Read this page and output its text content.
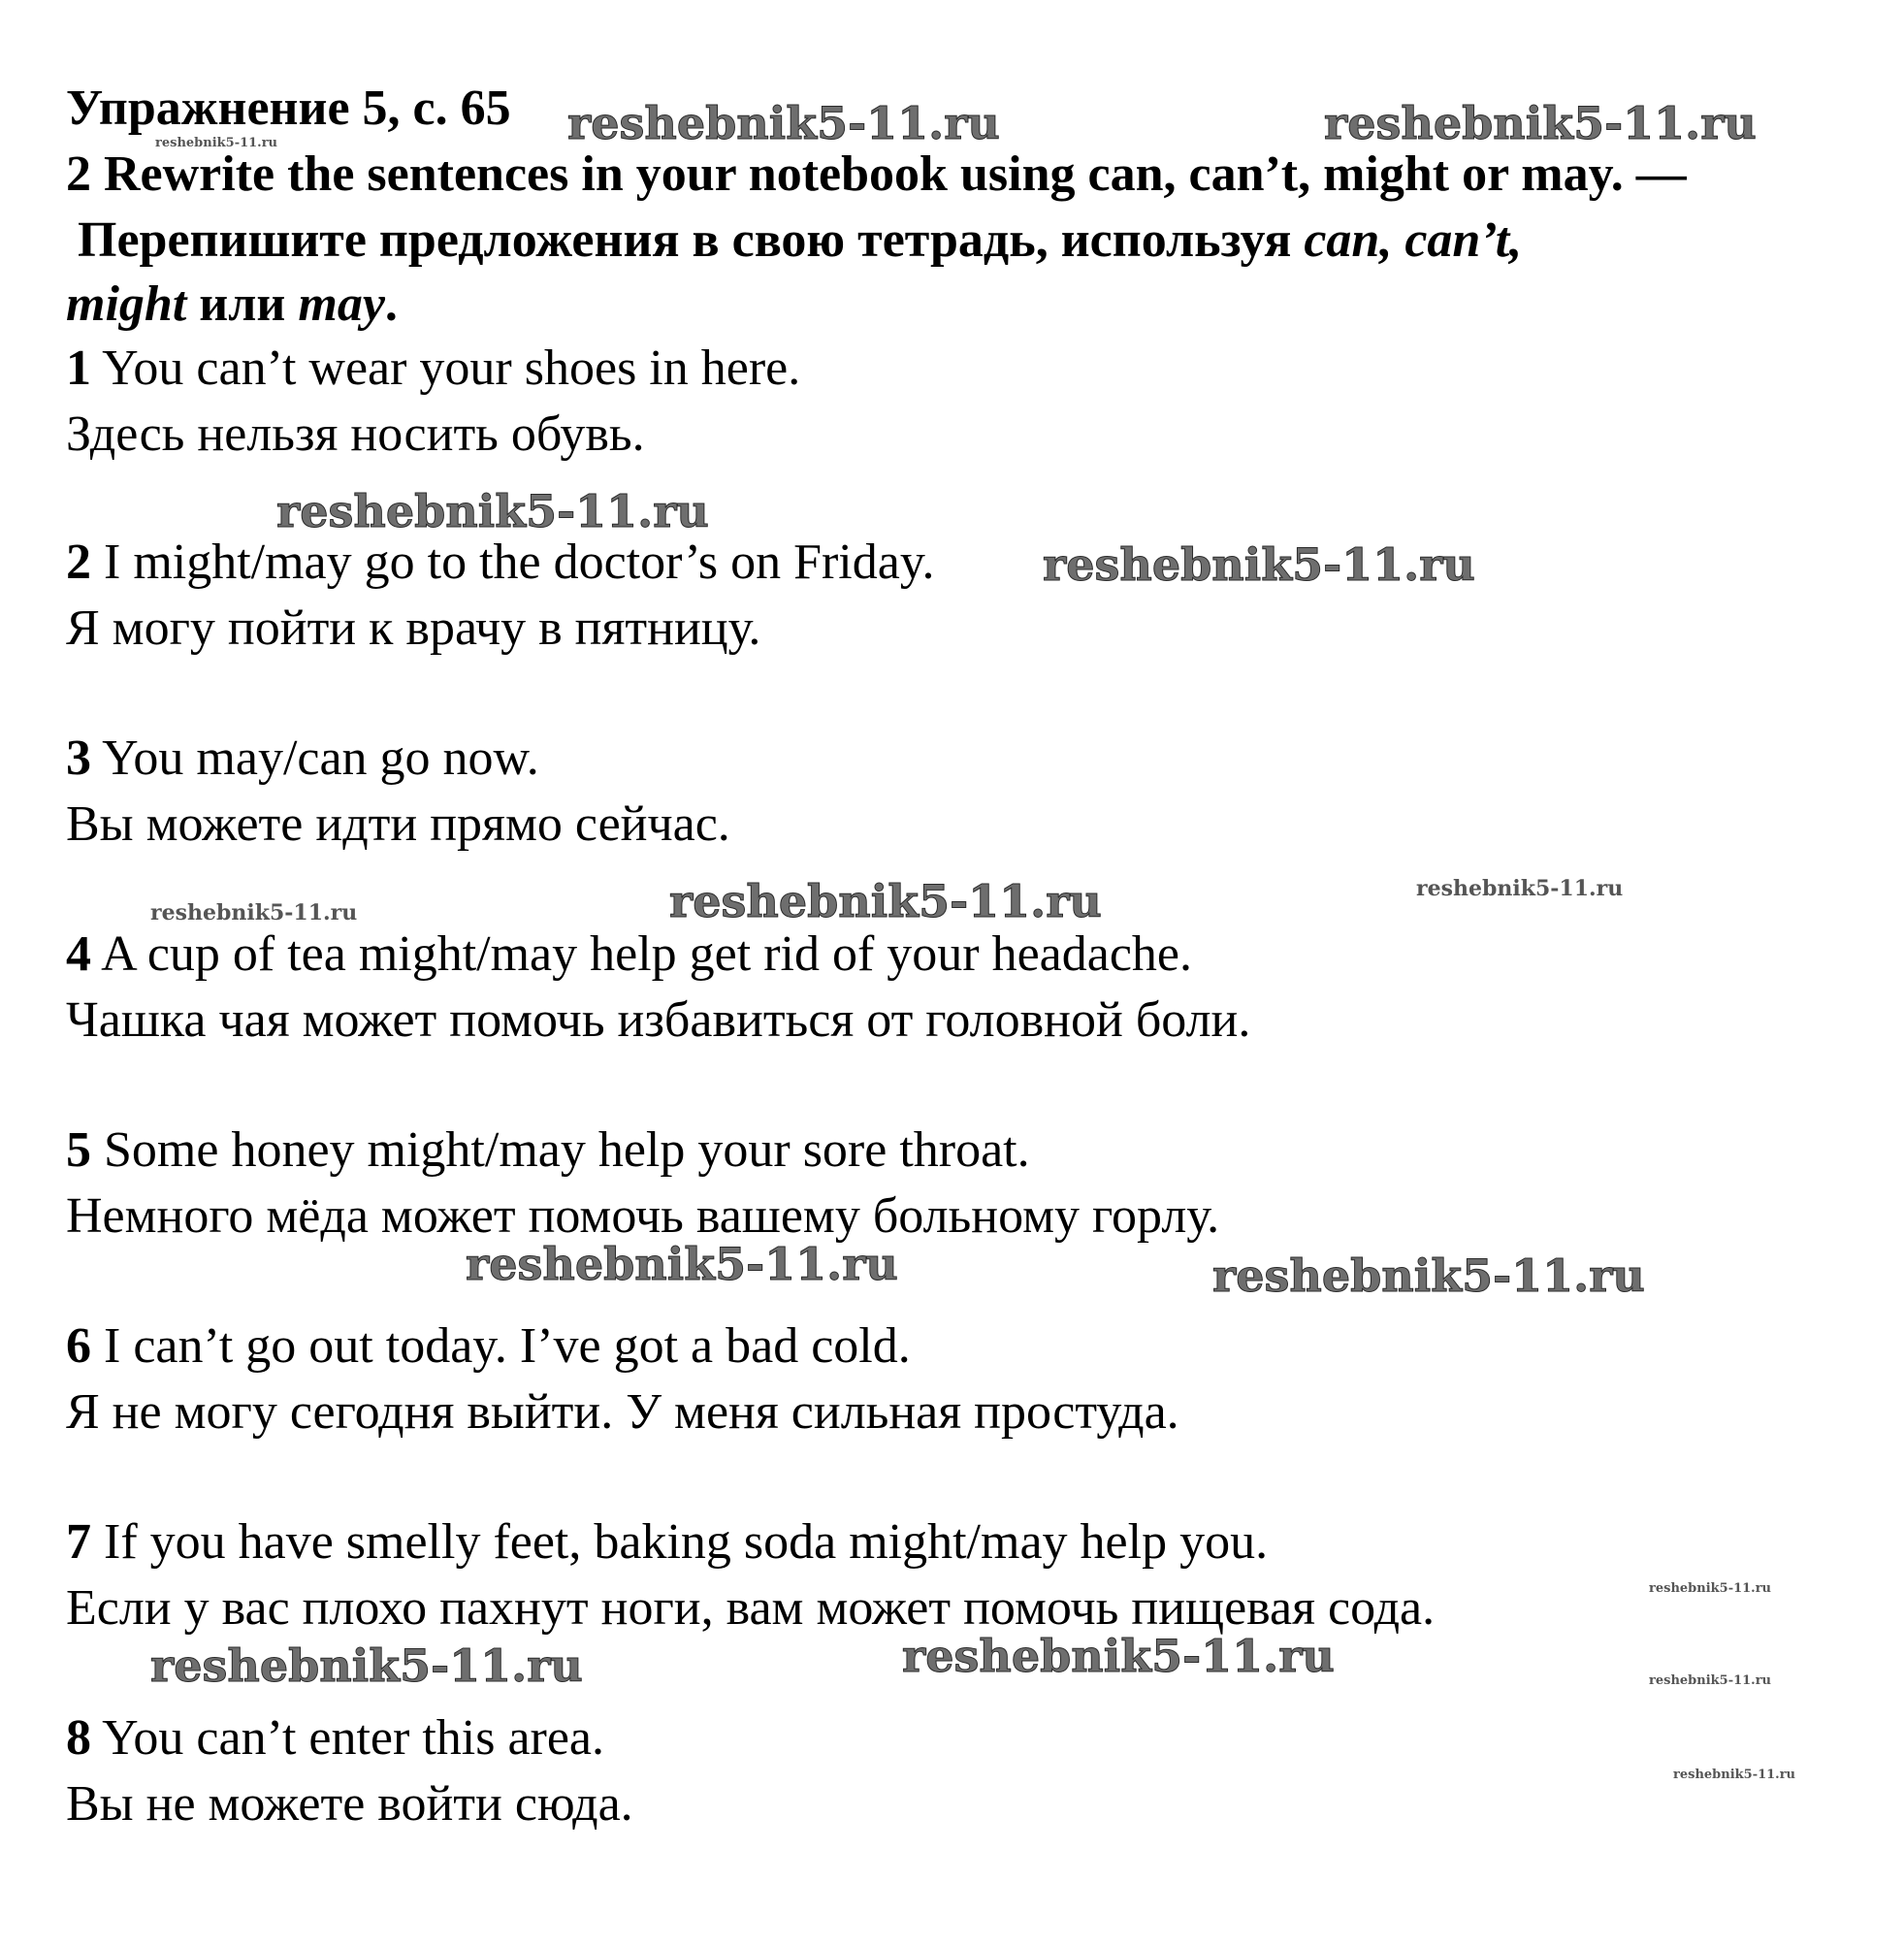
Упражнение 5, с. 65
2 Rewrite the sentences in your notebook using can, can’t, might or may. —
Перепишите предложения в свою тетрадь, используя can, can’t,
might или may.
1 You can’t wear your shoes in here.
Здесь нельзя носить обувь.
2 I might/may go to the doctor’s on Friday.
Я могу пойти к врачу в пятницу.
3 You may/can go now.
Вы можете идти прямо сейчас.
4 A cup of tea might/may help get rid of your headache.
Чашка чая может помочь избавиться от головной боли.
5 Some honey might/may help your sore throat.
Немного мёда может помочь вашему больному горлу.
6 I can’t go out today. I’ve got a bad cold.
Я не могу сегодня выйти. У меня сильная простуда.
7 If you have smelly feet, baking soda might/may help you.
Если у вас плохо пахнут ноги, вам может помочь пищевая сода.
8 You can’t enter this area.
Вы не можете войти сюда.
reshebnik5-11.ru	reshebnik5-11.ru
reshebnik5-11.ru
reshebnik5-11.ru
reshebnik5-11.ru
reshebnik5-11.ru	reshebnik5-11.ru	reshebnik5-11.ru
reshebnik5-11.ru	reshebnik5-11.ru
reshebnik5-11.ru
reshebnik5-11.ru	reshebnik5-11.ru	reshebnik5-11.ru
reshebnik5-11.ru
